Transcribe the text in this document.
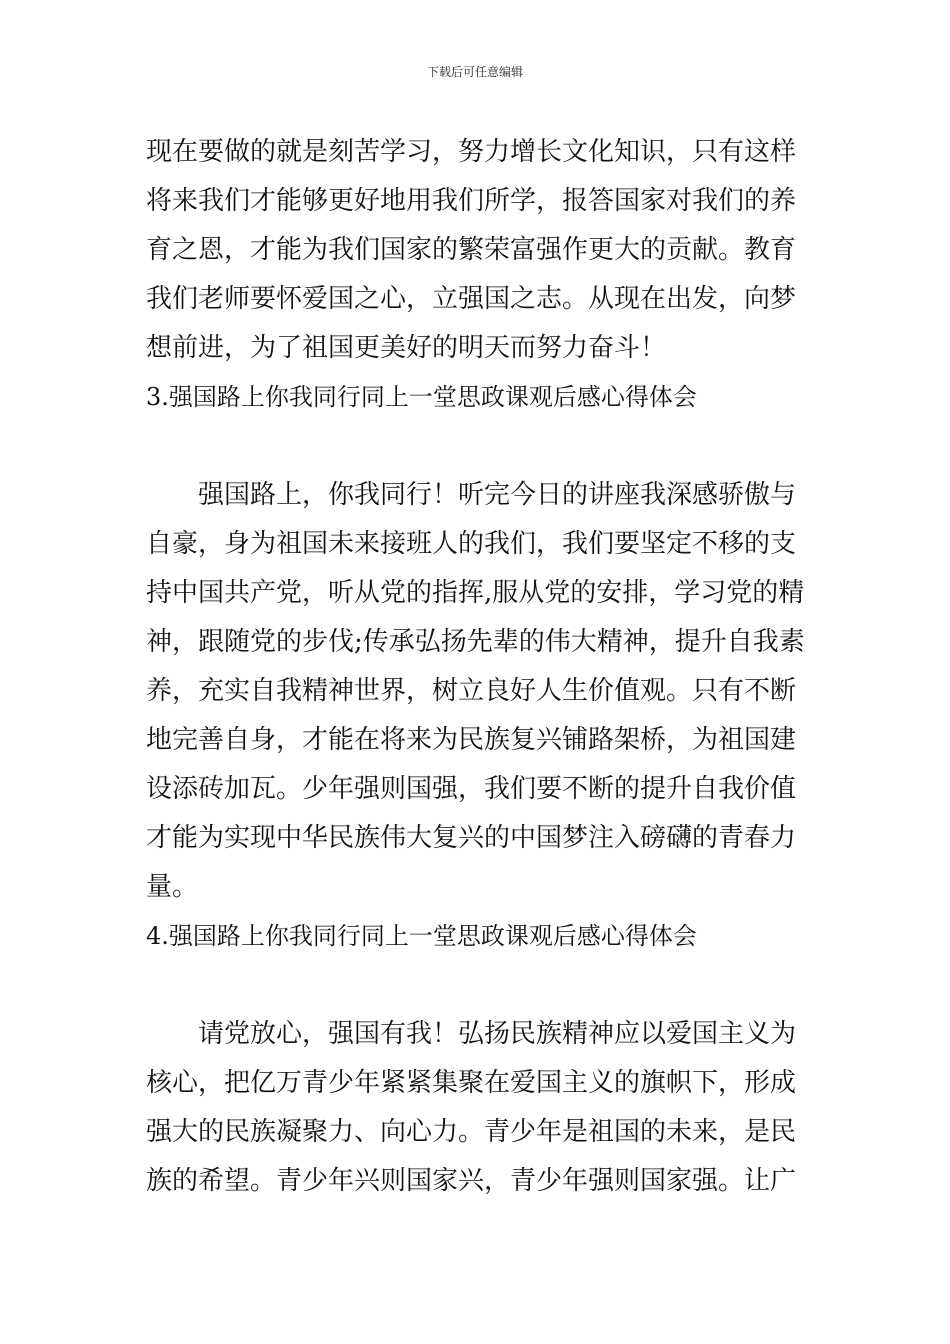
下载后可任意编辑
现在要做的就是刻苦学习，努力增长文化知识，只有这样
将来我们才能够更好地用我们所学，报答国家对我们的养
育之恩，才能为我们国家的繁荣富强作更大的贡献。教育
我们老师要怀爱国之心，立强国之志。从现在出发，向梦
想前进，为了祖国更美好的明天而努力奋斗！
3.强国路上你我同行同上一堂思政课观后感心得体会
　　强国路上，你我同行！听完今日的讲座我深感骄傲与
自豪，身为祖国未来接班人的我们，我们要坚定不移的支
持中国共产党，听从党的指挥,服从党的安排，学习党的精
神，跟随党的步伐;传承弘扬先辈的伟大精神，提升自我素
养，充实自我精神世界，树立良好人生价值观。只有不断
地完善自身，才能在将来为民族复兴铺路架桥，为祖国建
设添砖加瓦。少年强则国强，我们要不断的提升自我价值
才能为实现中华民族伟大复兴的中国梦注入磅礴的青春力
量。
4.强国路上你我同行同上一堂思政课观后感心得体会
　　请党放心，强国有我！弘扬民族精神应以爱国主义为
核心，把亿万青少年紧紧集聚在爱国主义的旗帜下，形成
强大的民族凝聚力、向心力。青少年是祖国的未来，是民
族的希望。青少年兴则国家兴，青少年强则国家强。让广
